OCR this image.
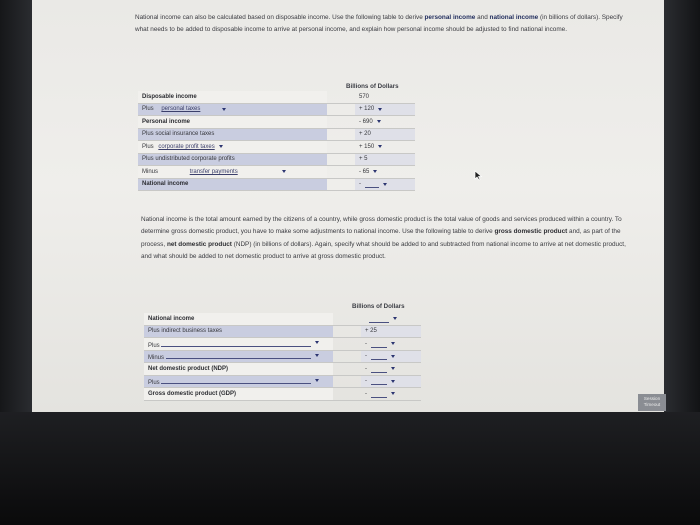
National income can also be calculated based on disposable income. Use the following table to derive personal income and national income (in billions of dollars). Specify what needs to be added to disposable income to arrive at personal income, and explain how personal income should be adjusted to find national income.
Billions of Dollars
Disposable income		570
Plus personal taxes		+ 120

Personal income		- 690

Plus social insurance taxes		+ 20
Plus corporate profit taxes		+ 150

Plus undistributed corporate profits		+ 5
Minus transfer payments		- 65

National income		-
National income is the total amount earned by the citizens of a country, while gross domestic product is the total value of goods and services produced within a country. To determine gross domestic product, you have to make some adjustments to national income. Use the following table to derive gross domestic product and, as part of the process, net domestic product (NDP) (in billions of dollars). Again, specify what should be added to and subtracted from national income to arrive at net domestic product, and what should be added to net domestic product to arrive at gross domestic product.
Billions of Dollars
National income		

Plus indirect business taxes		+ 25
Plus		-

Minus		-

Net domestic product (NDP)		-

Plus		-

Gross domestic product (GDP)		-
Session Timeout
